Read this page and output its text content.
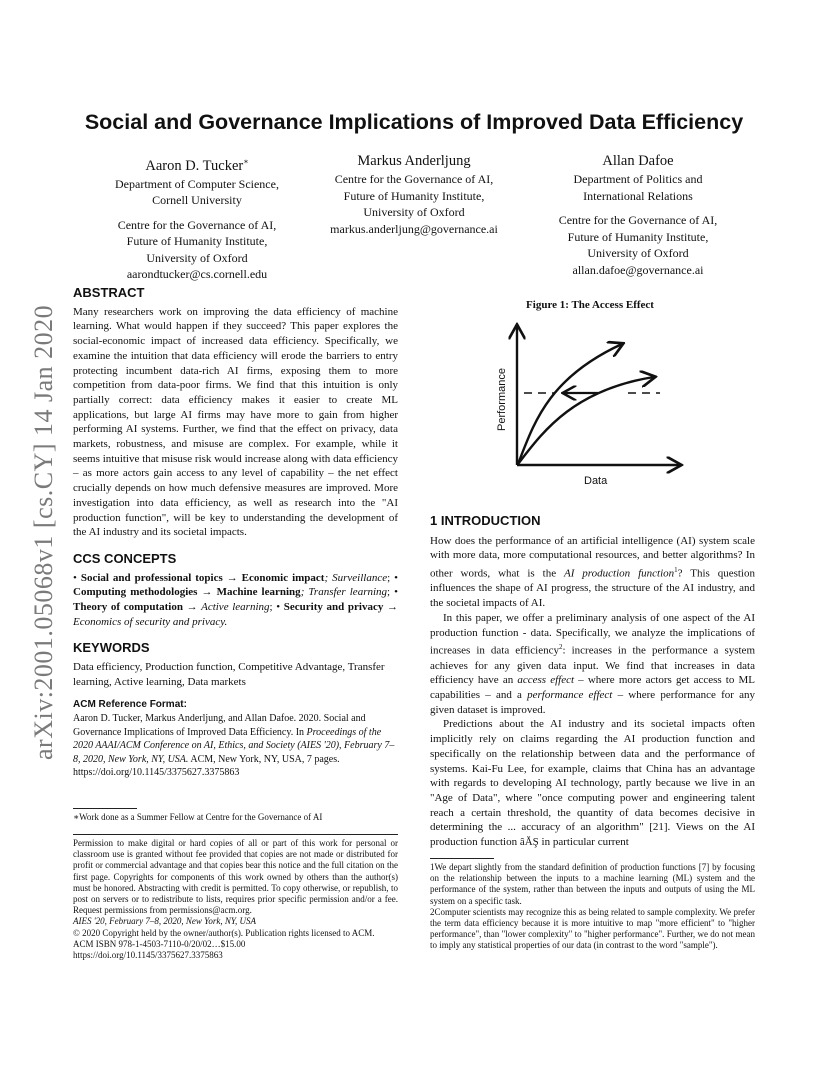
arXiv:2001.05068v1 [cs.CY] 14 Jan 2020
Social and Governance Implications of Improved Data Efficiency
Aaron D. Tucker∗
Department of Computer Science,
Cornell University
Centre for the Governance of AI,
Future of Humanity Institute,
University of Oxford
aarondtucker@cs.cornell.edu
Markus Anderljung
Centre for the Governance of AI,
Future of Humanity Institute,
University of Oxford
markus.anderljung@governance.ai
Allan Dafoe
Department of Politics and
International Relations
Centre for the Governance of AI,
Future of Humanity Institute,
University of Oxford
allan.dafoe@governance.ai
ABSTRACT

Many researchers work on improving the data efficiency of machine learning. What would happen if they succeed? This paper explores the social-economic impact of increased data efficiency. Specifically, we examine the intuition that data efficiency will erode the barriers to entry protecting incumbent data-rich AI firms, exposing them to more competition from data-poor firms. We find that this intuition is only partially correct: data efficiency makes it easier to create ML applications, but large AI firms may have more to gain from higher performing AI systems. Further, we find that the effect on privacy, data markets, robustness, and misuse are complex. For example, while it seems intuitive that misuse risk would increase along with data efficiency – as more actors gain access to any level of capability – the net effect crucially depends on how much defensive measures are improved. More investigation into data efficiency, as well as research into the "AI production function", will be key to understanding the development of the AI industry and its societal impacts.

CCS CONCEPTS

• Social and professional topics → Economic impact; Surveillance; • Computing methodologies → Machine learning; Transfer learning; • Theory of computation → Active learning; • Security and privacy → Economics of security and privacy.

KEYWORDS

Data efficiency, Production function, Competitive Advantage, Transfer learning, Active learning, Data markets

ACM Reference Format:

Aaron D. Tucker, Markus Anderljung, and Allan Dafoe. 2020. Social and Governance Implications of Improved Data Efficiency. In Proceedings of the 2020 AAAI/ACM Conference on AI, Ethics, and Society (AIES '20), February 7–8, 2020, New York, NY, USA. ACM, New York, NY, USA, 7 pages. https://doi.org/10.1145/3375627.3375863

∗Work done as a Summer Fellow at Centre for the Governance of AI
Permission to make digital or hard copies of all or part of this work for personal or classroom use is granted without fee provided that copies are not made or distributed for profit or commercial advantage and that copies bear this notice and the full citation on the first page. Copyrights for components of this work owned by others than the author(s) must be honored. Abstracting with credit is permitted. To copy otherwise, or republish, to post on servers or to redistribute to lists, requires prior specific permission and/or a fee. Request permissions from permissions@acm.org.
AIES '20, February 7–8, 2020, New York, NY, USA
© 2020 Copyright held by the owner/author(s). Publication rights licensed to ACM.
ACM ISBN 978-1-4503-7110-0/20/02…$15.00
https://doi.org/10.1145/3375627.3375863
Figure 1: The Access Effect
Data
Performance
1 INTRODUCTION

How does the performance of an artificial intelligence (AI) system scale with more data, more computational resources, and better algorithms? In other words, what is the AI production function$^1$? This question influences the shape of AI progress, the structure of the AI industry, and the societal impacts of AI.

In this paper, we offer a preliminary analysis of one aspect of the AI production function - data. Specifically, we analyze the implications of increases in data efficiency$^2$: increases in the performance a system achieves for any given data input. We find that increases in data efficiency have an access effect – where more actors get access to ML capabilities – and a performance effect – where performance for any given dataset is improved.

Predictions about the AI industry and its societal impacts often implicitly rely on claims regarding the AI production function and specifically on the relationship between data and the performance of systems. Kai-Fu Lee, for example, claims that China has an advantage with regards to developing AI technology, partly because we live in an "Age of Data", where "once computing power and engineering talent reach a certain threshold, the quantity of data becomes decisive in determining the ... accuracy of an algorithm" [21]. Views on the AI production function âĂŞ in particular current

1We depart slightly from the standard definition of production functions [7] by focusing on the relationship between the inputs to a machine learning (ML) system and the performance of the system, rather than between the inputs and outputs of using the ML system on a specific task.
2Computer scientists may recognize this as being related to sample complexity. We prefer the term data efficiency because it is more intuitive to map "more efficient" to "higher performance", than "lower complexity" to "higher performance". Further, we do not mean to imply any statistical properties of our data (in contrast to the word "sample").
